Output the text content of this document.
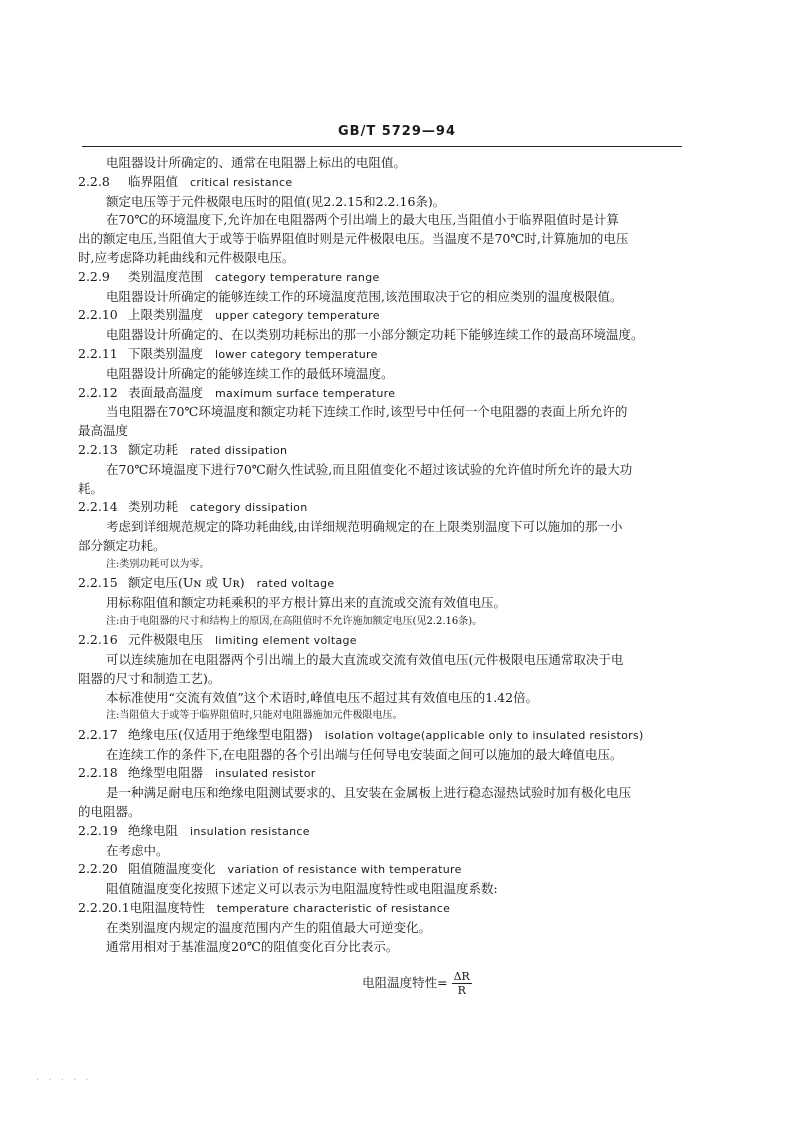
GB/T 5729—94
电阻器设计所确定的、通常在电阻器上标出的电阻值。
2.2.8 临界阻值 critical resistance
额定电压等于元件极限电压时的阻值(见2.2.15和2.2.16条)。
在70℃的环境温度下,允许加在电阻器两个引出端上的最大电压,当阻值小于临界阻值时是计算
出的额定电压,当阻值大于或等于临界阻值时则是元件极限电压。当温度不是70℃时,计算施加的电压
时,应考虑降功耗曲线和元件极限电压。
2.2.9 类别温度范围 category temperature range
电阻器设计所确定的能够连续工作的环境温度范围,该范围取决于它的相应类别的温度极限值。
2.2.10 上限类别温度 upper category temperature
电阻器设计所确定的、在以类别功耗标出的那一小部分额定功耗下能够连续工作的最高环境温度。
2.2.11 下限类别温度 lower category temperature
电阻器设计所确定的能够连续工作的最低环境温度。
2.2.12 表面最高温度 maximum surface temperature
当电阻器在70℃环境温度和额定功耗下连续工作时,该型号中任何一个电阻器的表面上所允许的
最高温度
2.2.13 额定功耗 rated dissipation
在70℃环境温度下进行70℃耐久性试验,而且阻值变化不超过该试验的允许值时所允许的最大功
耗。
2.2.14 类别功耗 category dissipation
考虑到详细规范规定的降功耗曲线,由详细规范明确规定的在上限类别温度下可以施加的那一小
部分额定功耗。
注:类别功耗可以为零。
2.2.15 额定电压(Uɴ 或 Uʀ) rated voltage
用标称阻值和额定功耗乘积的平方根计算出来的直流或交流有效值电压。
注:由于电阻器的尺寸和结构上的原因,在高阻值时不允许施加额定电压(见2.2.16条)。
2.2.16 元件极限电压 limiting element voltage
可以连续施加在电阻器两个引出端上的最大直流或交流有效值电压(元件极限电压通常取决于电
阻器的尺寸和制造工艺)。
本标准使用“交流有效值”这个术语时,峰值电压不超过其有效值电压的1.42倍。
注:当阻值大于或等于临界阻值时,只能对电阻器施加元件极限电压。
2.2.17 绝缘电压(仅适用于绝缘型电阻器) isolation voltage(applicable only to insulated resistors)
在连续工作的条件下,在电阻器的各个引出端与任何导电安装面之间可以施加的最大峰值电压。
2.2.18 绝缘型电阻器 insulated resistor
是一种满足耐电压和绝缘电阻测试要求的、且安装在金属板上进行稳态湿热试验时加有极化电压
的电阻器。
2.2.19 绝缘电阻 insulation resistance
在考虑中。
2.2.20 阻值随温度变化 variation of resistance with temperature
阻值随温度变化按照下述定义可以表示为电阻温度特性或电阻温度系数:
2.2.20.1电阻温度特性 temperature characteristic of resistance
在类别温度内规定的温度范围内产生的阻值最大可逆变化。
通常用相对于基准温度20℃的阻值变化百分比表示。
电阻温度特性= $\frac{\Delta R}{R}$
· · · · ·
